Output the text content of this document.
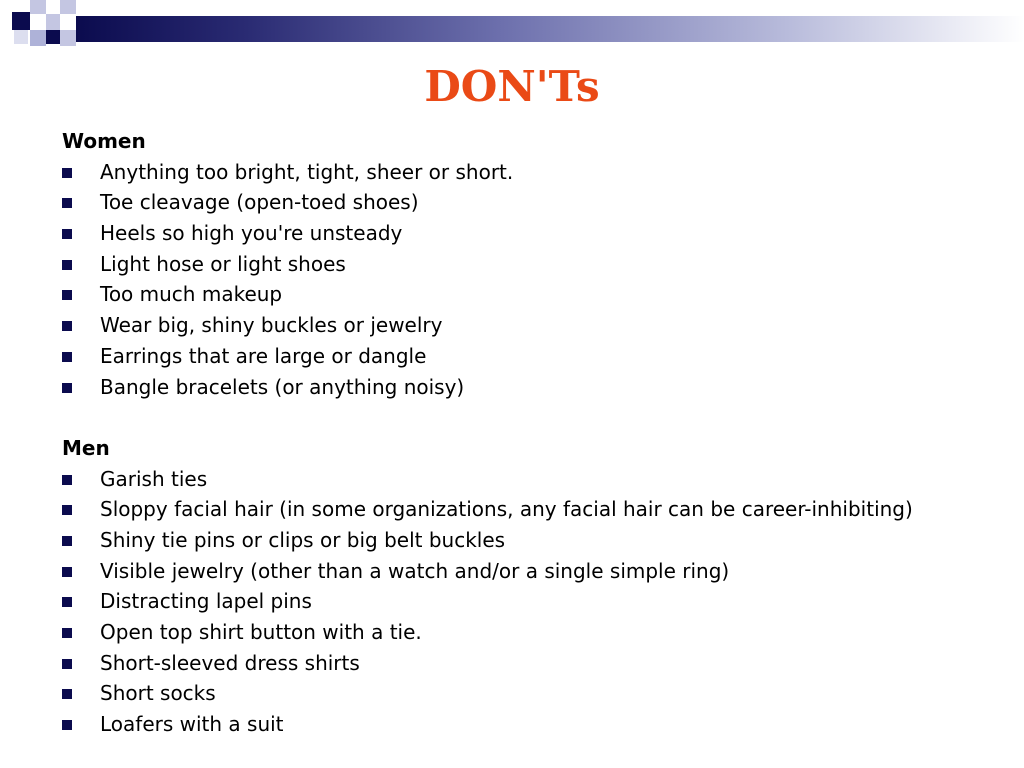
DON'Ts
Women
Anything too bright, tight, sheer or short.
Toe cleavage (open-toed shoes)
Heels so high you're unsteady
Light hose or light shoes
Too much makeup
Wear big, shiny buckles or jewelry
Earrings that are large or dangle
Bangle bracelets (or anything noisy)
Men
Garish ties
Sloppy facial hair (in some organizations, any facial hair can be career-inhibiting)
Shiny tie pins or clips or big belt buckles
Visible jewelry (other than a watch and/or a single simple ring)
Distracting lapel pins
Open top shirt button with a tie.
Short-sleeved dress shirts
Short socks
Loafers with a suit
